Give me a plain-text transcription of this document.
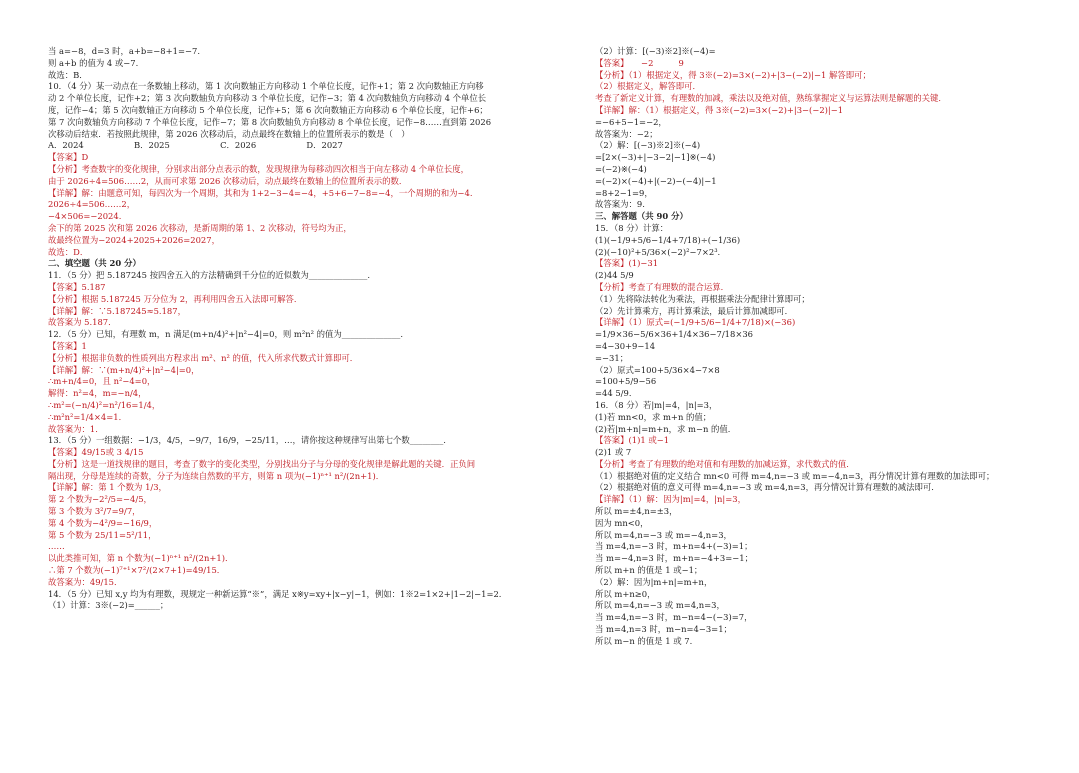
当 a=−8，d=3 时，a+b=−8+1=−7.
则 a+b 的值为 4 或−7.
故选：B．
10．（4 分）某一动点在一条数轴上移动，第 1 次向数轴正方向移动 1 个单位长度，记作+1；第 2 次向数轴正方向移
动 2 个单位长度，记作+2；第 3 次向数轴负方向移动 3 个单位长度，记作−3；第 4 次向数轴负方向移动 4 个单位长
度，记作−4；第 5 次向数轴正方向移动 5 个单位长度，记作+5；第 6 次向数轴正方向移动 6 个单位长度，记作+6；
第 7 次向数轴负方向移动 7 个单位长度，记作−7；第 8 次向数轴负方向移动 8 个单位长度，记作−8……直到第 2026
次移动后结束．若按照此规律，第 2026 次移动后，动点最终在数轴上的位置所表示的数是（　）
A．2024　　　　　　B．2025　　　　　　C．2026　　　　　　D．2027
【答案】D
【分析】考查数字的变化规律，分别求出部分点表示的数，发现规律为每移动四次相当于向左移动 4 个单位长度，
由于 2026÷4=506……2，从而可求第 2026 次移动后，动点最终在数轴上的位置所表示的数．
【详解】解：由题意可知，每四次为一个周期，其和为 1+2−3−4=−4，+5+6−7−8=−4，一个周期的和为−4.
2026÷4=506……2，
−4×506=−2024.
余下的第 2025 次和第 2026 次移动，是新周期的第 1、2 次移动，符号均为正，
故最终位置为−2024+2025+2026=2027，
故选：D．
二、填空题（共 20 分）
11．（5 分）把 5.187245 按四舍五入的方法精确到千分位的近似数为______________.
【答案】5.187
【分析】根据 5.187245 万分位为 2，再利用四舍五入法即可解答．
【详解】解：∵5.187245≈5.187，
故答案为 5.187．
12．（5 分）已知，有理数 m，n 满足(m+n/4)²+|n²−4|=0，则 m²n² 的值为______________.
【答案】1
【分析】根据非负数的性质列出方程求出 m²、n² 的值，代入所求代数式计算即可．
【详解】解：∵(m+n/4)²+|n²−4|=0，
∴m+n/4=0，且 n²−4=0，
解得：n²=4，m=−n/4，
∴m²=(−n/4)²=n²/16=1/4，
∴m²n²=1/4×4=1．
故答案为：1．
13．（5 分）一组数据：−1/3，4/5，−9/7，16/9，−25/11，…，请你按这种规律写出第七个数________.
【答案】49/15或 3 4/15
【分析】这是一道找规律的题目，考查了数字的变化类型，分别找出分子与分母的变化规律是解此题的关键．正负间
隔出现，分母是连续的奇数，分子为连续自然数的平方，则第 n 项为(−1)ⁿ⁺¹ n²/(2n+1)．
【详解】解：第 1 个数为 1/3，
第 2 个数为−2²/5=−4/5，
第 3 个数为 3²/7=9/7，
第 4 个数为−4²/9=−16/9，
第 5 个数为 25/11=5²/11，
……
以此类推可知，第 n 个数为(−1)ⁿ⁺¹ n²/(2n+1)．
∴第 7 个数为(−1)⁷⁺¹×7²/(2×7+1)=49/15．
故答案为：49/15．
14．（5 分）已知 x,y 均为有理数，现规定一种新运算“※”，满足 x※y=xy+|x−y|−1，例如：1※2=1×2+|1−2|−1=2.
（1）计算：3※(−2)=______；
（2）计算：[(−3)※2]※(−4)=
【答案】　　−2　　　9
【分析】（1）根据定义，得 3※(−2)=3×(−2)+|3−(−2)|−1 解答即可；
（2）根据定义，解答即可．
考查了新定义计算，有理数的加减，乘法以及绝对值，熟练掌握定义与运算法则是解题的关键．
【详解】解：（1）根据定义，得 3※(−2)=3×(−2)+|3−(−2)|−1
=−6+5−1=−2，
故答案为：−2；
（2）解：[(−3)※2]※(−4)
=[2×(−3)+|−3−2|−1]※(−4)
=(−2)※(−4)
=(−2)×(−4)+|(−2)−(−4)|−1
=8+2−1=9，
故答案为：9.
三、解答题（共 90 分）
15．（8 分）计算：
(1)(−1/9+5/6−1/4+7/18)÷(−1/36)
(2)(−10)²+5/36×(−2)²−7×2³.
【答案】(1)−31
(2)44 5/9
【分析】考查了有理数的混合运算．
（1）先将除法转化为乘法，再根据乘法分配律计算即可；
（2）先计算乘方，再计算乘法，最后计算加减即可．
【详解】（1）原式=(−1/9+5/6−1/4+7/18)×(−36)
=1/9×36−5/6×36+1/4×36−7/18×36
=4−30+9−14
=−31；
（2）原式=100+5/36×4−7×8
=100+5/9−56
=44 5/9．
16．（8 分）若|m|=4，|n|=3，
(1)若 mn<0，求 m+n 的值；
(2)若|m+n|=m+n，求 m−n 的值．
【答案】(1)1 或−1
(2)1 或 7
【分析】考查了有理数的绝对值和有理数的加减运算，求代数式的值．
（1）根据绝对值的定义结合 mn<0 可得 m=4,n=−3 或 m=−4,n=3，再分情况计算有理数的加法即可；
（2）根据绝对值的意义可得 m=4,n=−3 或 m=4,n=3，再分情况计算有理数的减法即可．
【详解】（1）解：因为|m|=4，|n|=3，
所以 m=±4,n=±3，
因为 mn<0，
所以 m=4,n=−3 或 m=−4,n=3，
当 m=4,n=−3 时，m+n=4+(−3)=1；
当 m=−4,n=3 时，m+n=−4+3=−1；
所以 m+n 的值是 1 或−1；
（2）解：因为|m+n|=m+n，
所以 m+n≥0，
所以 m=4,n=−3 或 m=4,n=3，
当 m=4,n=−3 时，m−n=4−(−3)=7，
当 m=4,n=3 时，m−n=4−3=1；
所以 m−n 的值是 1 或 7.
